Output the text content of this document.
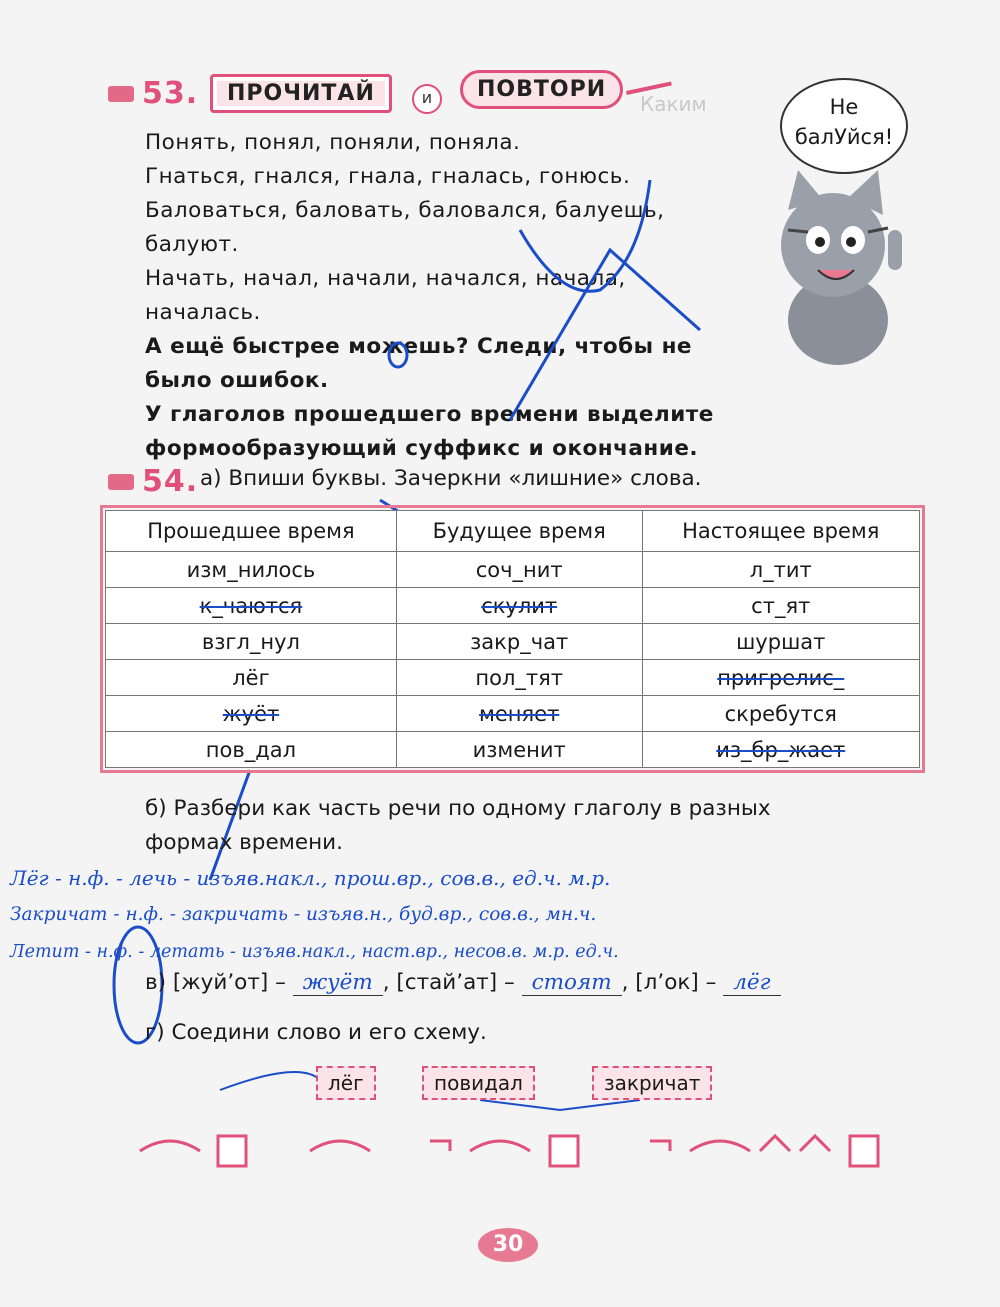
Каким
53.	ПРОЧИТАЙ	и	ПОВТОРИ
Понять, понял, поняли, поняла.
Гнаться, гнался, гнала, гналась, гонюсь.
Баловаться, баловать, баловался, балуешь,
балуют.
Начать, начал, начали, начался, начала,
началась.
А ещё быстрее можешь? Следи, чтобы не
было ошибок.
У глаголов прошедшего времени выделите
формообразующий суффикс и окончание.
Не
балУйся!
54. а) Впиши буквы. Зачеркни «лишние» слова.
Прошедшее время	Будущее время	Настоящее время
изм_нилось	соч_нит	л_тит
к_чаются	скулит	ст_ят
взгл_нул	закр_чат	шуршат
лёг	пол_тят	пригрелис_
жуёт	меняет	скребутся
пов_дал	изменит	из_бр_жает
б) Разбери как часть речи по одному глаголу в разных
формах времени.
Лёг - н.ф. - лечь - изъяв.накл., прош.вр., сов.в., ед.ч. м.р.
Закричат - н.ф. - закричать - изъяв.н., буд.вр., сов.в., мн.ч.
Летит - н.ф. - летать - изъяв.накл., наст.вр., несов.в. м.р. ед.ч.
в) [жуй’от] – жуёт , [стай’ат] – стоят , [л’ок] – лёг
г) Соедини слово и его схему.
лёг	повидал	закричат
30
